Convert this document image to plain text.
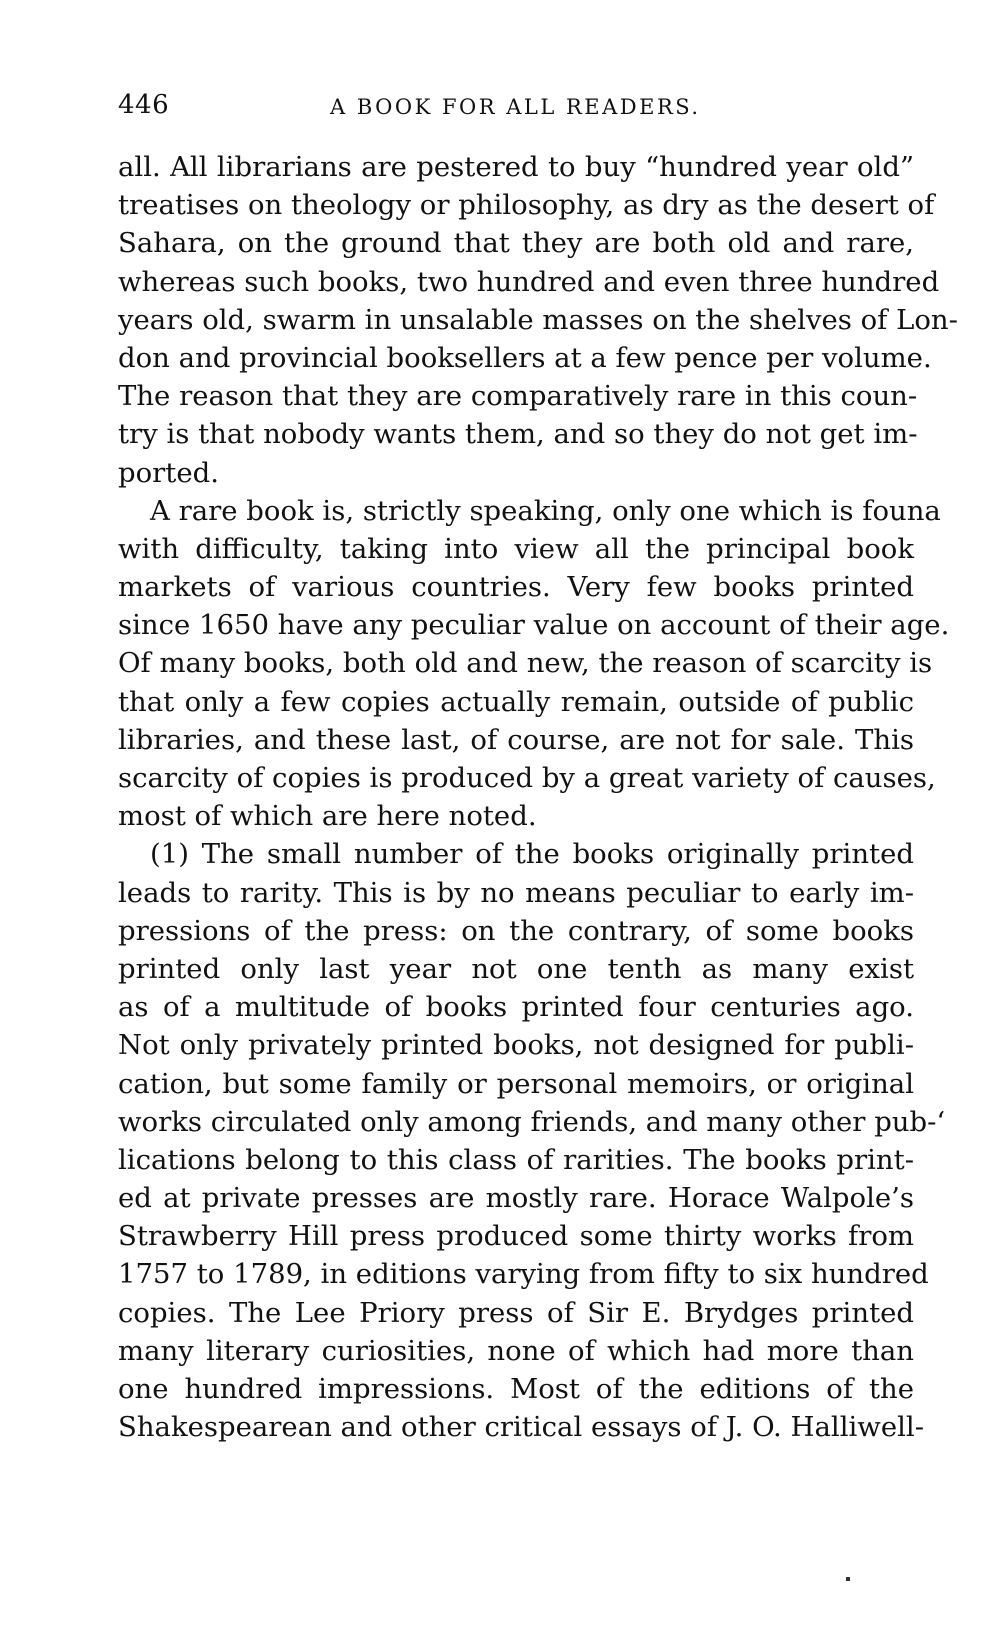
446	A BOOK FOR ALL READERS.
all. All librarians are pestered to buy “hundred year old”
treatises on theology or philosophy, as dry as the desert of
Sahara, on the ground that they are both old and rare,
whereas such books, two hundred and even three hundred
years old, swarm in unsalable masses on the shelves of Lon-
don and provincial booksellers at a few pence per volume.
The reason that they are comparatively rare in this coun-
try is that nobody wants them, and so they do not get im-
ported.
A rare book is, strictly speaking, only one which is founa
with difficulty, taking into view all the principal book
markets of various countries. Very few books printed
since 1650 have any peculiar value on account of their age.
Of many books, both old and new, the reason of scarcity is
that only a few copies actually remain, outside of public
libraries, and these last, of course, are not for sale. This
scarcity of copies is produced by a great variety of causes,
most of which are here noted.
(1) The small number of the books originally printed
leads to rarity. This is by no means peculiar to early im-
pressions of the press: on the contrary, of some books
printed only last year not one tenth as many exist
as of a multitude of books printed four centuries ago.
Not only privately printed books, not designed for publi-
cation, but some family or personal memoirs, or original
works circulated only among friends, and many other pub-‘
lications belong to this class of rarities. The books print-
ed at private presses are mostly rare. Horace Walpole’s
Strawberry Hill press produced some thirty works from
1757 to 1789, in editions varying from fifty to six hundred
copies. The Lee Priory press of Sir E. Brydges printed
many literary curiosities, none of which had more than
one hundred impressions. Most of the editions of the
Shakespearean and other critical essays of J. O. Halliwell-
